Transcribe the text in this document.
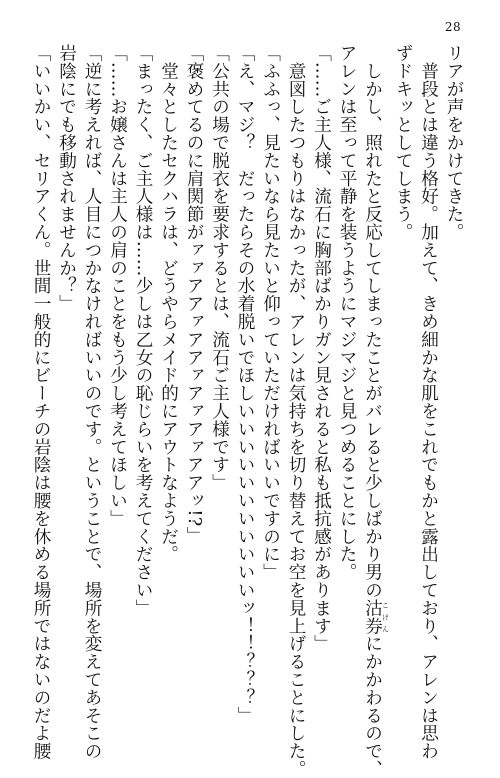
28

リアが声をかけてきた。

　普段とは違う格好。加えて、きめ細かな肌をこれでもかと露出しており、アレンは思わ

ずドキッとしてしまう。

　しかし、照れたと反応してしまったことがバレると少しばかり男の沽券 こけんにかかわるので、

アレンは至って平静を装うようにマジマジと見つめることにした。

「……ご主人様、流石に胸部ばかりガン見されると私も抵抗感があります」

　意図したつもりはなかったが、アレンは気持ちを切り替えてお空を見上げることにした。

「ふふっ、見たいなら見たいと仰っていただければいいですのに」

「え、マジ？　だったらその水着脱いでほしいいいいいいいいいいいッ！！？？？」

「公共の場で脱衣を要求するとは、流石ご主人様です」

「褒めてるのに肩関節がァァアアァアアァアァアァアアッ!?」

　堂々としたセクハラは、どうやらメイド的にアウトなようだ。

「まったく、ご主人様は……少しは乙女の恥じらいを考えてください」

「……お嬢さんは主人の肩のことをもう少し考えてほしい」

「逆に考えれば、人目につかなければいいのです。ということで、場所を変えてあそこの

岩陰にでも移動されませんか？」

「いいかい、セリアくん。世間一般的にビーチの岩陰は腰を休める場所ではないのだよ腰
